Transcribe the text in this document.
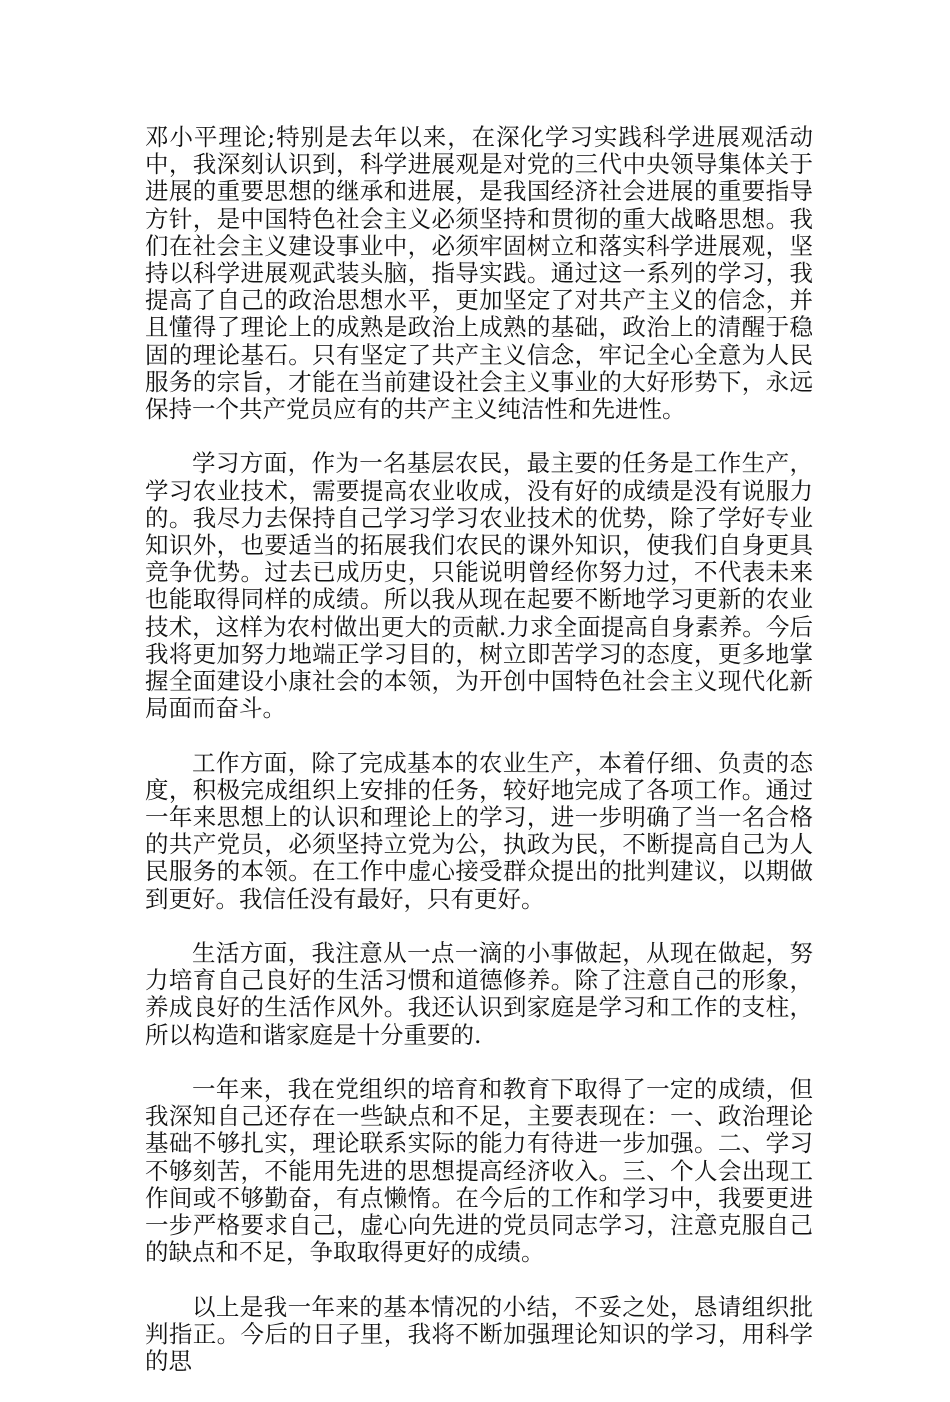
邓小平理论;特别是去年以来，在深化学习实践科学进展观活动中，我深刻认识到，科学进展观是对党的三代中央领导集体关于进展的重要思想的继承和进展，是我国经济社会进展的重要指导方针，是中国特色社会主义必须坚持和贯彻的重大战略思想。我们在社会主义建设事业中，必须牢固树立和落实科学进展观，坚持以科学进展观武装头脑，指导实践。通过这一系列的学习，我提高了自己的政治思想水平，更加坚定了对共产主义的信念，并且懂得了理论上的成熟是政治上成熟的基础，政治上的清醒于稳固的理论基石。只有坚定了共产主义信念，牢记全心全意为人民服务的宗旨，才能在当前建设社会主义事业的大好形势下，永远保持一个共产党员应有的共产主义纯洁性和先进性。

学习方面，作为一名基层农民，最主要的任务是工作生产，学习农业技术，需要提高农业收成，没有好的成绩是没有说服力的。我尽力去保持自己学习学习农业技术的优势，除了学好专业知识外，也要适当的拓展我们农民的课外知识，使我们自身更具竞争优势。过去已成历史，只能说明曾经你努力过，不代表未来也能取得同样的成绩。所以我从现在起要不断地学习更新的农业技术，这样为农村做出更大的贡献.力求全面提高自身素养。今后我将更加努力地端正学习目的，树立即苦学习的态度，更多地掌握全面建设小康社会的本领，为开创中国特色社会主义现代化新局面而奋斗。

工作方面，除了完成基本的农业生产，本着仔细、负责的态度，积极完成组织上安排的任务，较好地完成了各项工作。通过一年来思想上的认识和理论上的学习，进一步明确了当一名合格的共产党员，必须坚持立党为公，执政为民，不断提高自己为人民服务的本领。在工作中虚心接受群众提出的批判建议，以期做到更好。我信任没有最好，只有更好。

生活方面，我注意从一点一滴的小事做起，从现在做起，努力培育自己良好的生活习惯和道德修养。除了注意自己的形象，养成良好的生活作风外。我还认识到家庭是学习和工作的支柱，所以构造和谐家庭是十分重要的.

一年来，我在党组织的培育和教育下取得了一定的成绩，但我深知自己还存在一些缺点和不足，主要表现在：一、政治理论基础不够扎实，理论联系实际的能力有待进一步加强。二、学习不够刻苦，不能用先进的思想提高经济收入。三、个人会出现工作间或不够勤奋，有点懒惰。在今后的工作和学习中，我要更进一步严格要求自己，虚心向先进的党员同志学习，注意克服自己的缺点和不足，争取取得更好的成绩。

以上是我一年来的基本情况的小结，不妥之处，恳请组织批判指正。今后的日子里，我将不断加强理论知识的学习，用科学的思
